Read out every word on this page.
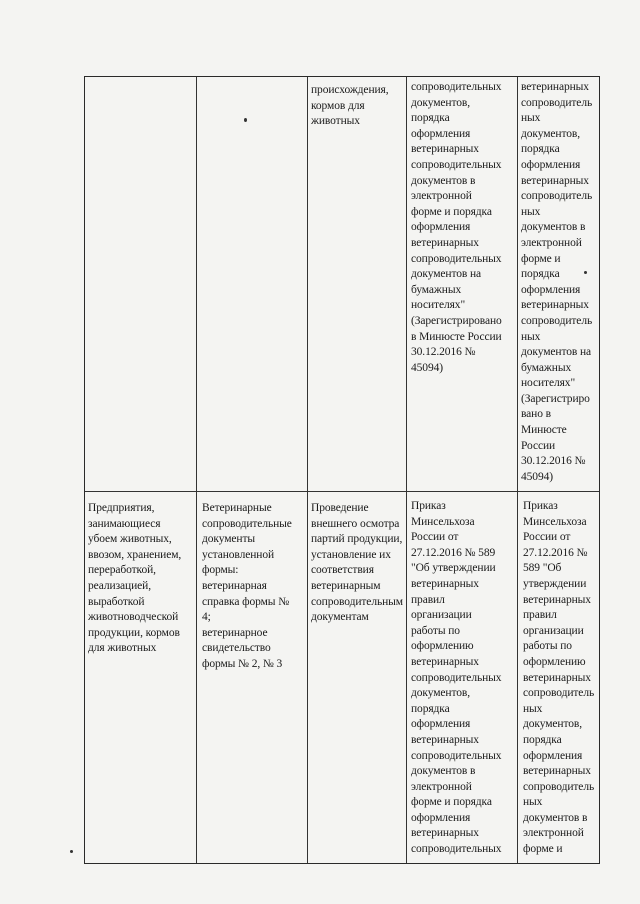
происхождения,
кормов для
животных
сопроводительных
документов,
порядка
оформления
ветеринарных
сопроводительных
документов в
электронной
форме и порядка
оформления
ветеринарных
сопроводительных
документов на
бумажных
носителях"
(Зарегистрировано
в Минюсте России
30.12.2016 №
45094)
ветеринарных
сопроводитель
ных
документов,
порядка
оформления
ветеринарных
сопроводитель
ных
документов в
электронной
форме и
порядка
оформления
ветеринарных
сопроводитель
ных
документов на
бумажных
носителях"
(Зарегистриро
вано в
Минюсте
России
30.12.2016 №
45094)
Предприятия,
занимающиеся
убоем животных,
ввозом, хранением,
переработкой,
реализацией,
выработкой
животноводческой
продукции, кормов
для животных
Ветеринарные
сопроводительные
документы
установленной
формы:
ветеринарная
справка формы №
4;
ветеринарное
свидетельство
формы № 2, № 3
Проведение
внешнего осмотра
партий продукции,
установление их
соответствия
ветеринарным
сопроводительным
документам
Приказ
Минсельхоза
России от
27.12.2016 № 589
"Об утверждении
ветеринарных
правил
организации
работы по
оформлению
ветеринарных
сопроводительных
документов,
порядка
оформления
ветеринарных
сопроводительных
документов в
электронной
форме и порядка
оформления
ветеринарных
сопроводительных
Приказ
Минсельхоза
России от
27.12.2016 №
589 "Об
утверждении
ветеринарных
правил
организации
работы по
оформлению
ветеринарных
сопроводитель
ных
документов,
порядка
оформления
ветеринарных
сопроводитель
ных
документов в
электронной
форме и
